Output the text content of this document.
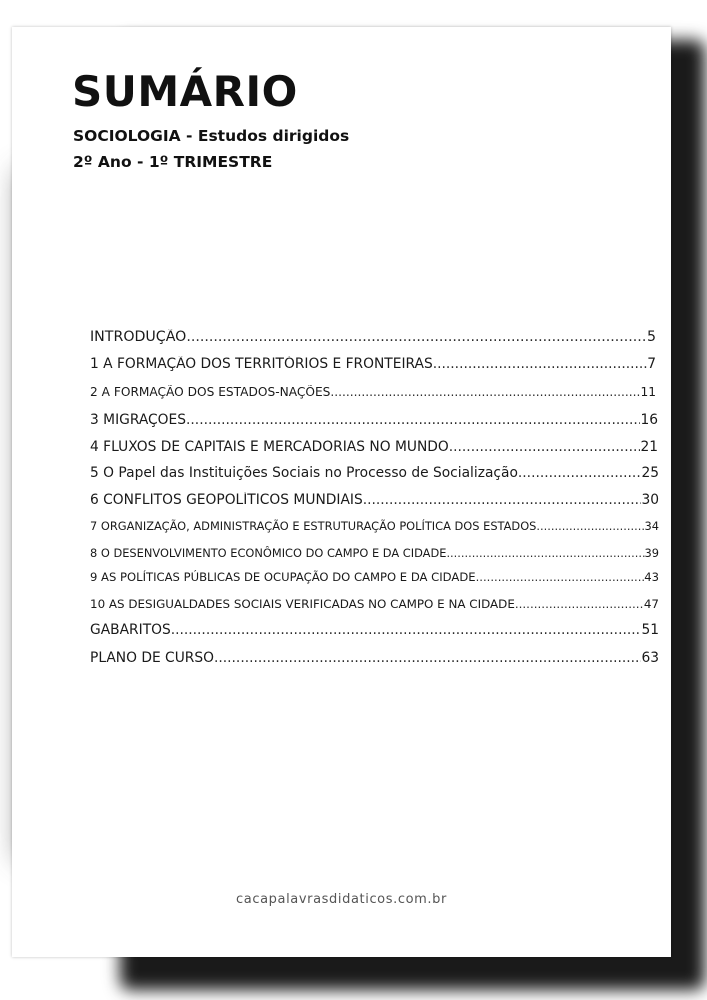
SUMÁRIO
SOCIOLOGIA - Estudos dirigidos
2º Ano - 1º TRIMESTRE
INTRODUÇÃO .....	5
1 A FORMAÇÃO DOS TERRITÓRIOS E FRONTEIRAS .....	7
2 A FORMAÇÃO DOS ESTADOS-NAÇÕES .....	11
3 MIGRAÇÕES .....	16
4 FLUXOS DE CAPITAIS E MERCADORIAS NO MUNDO .....	21
5 O Papel das Instituições Sociais no Processo de Socialização .....	25
6 CONFLITOS GEOPOLÍTICOS MUNDIAIS .....	30
7 ORGANIZAÇÃO, ADMINISTRAÇÃO E ESTRUTURAÇÃO POLÍTICA DOS ESTADOS .....	34
8 O DESENVOLVIMENTO ECONÔMICO DO CAMPO E DA CIDADE .....	39
9 AS POLÍTICAS PÚBLICAS DE OCUPAÇÃO DO CAMPO E DA CIDADE .....	43
10 AS DESIGUALDADES SOCIAIS VERIFICADAS NO CAMPO E NA CIDADE .....	47
GABARITOS .....	51
PLANO DE CURSO .....	63
cacapalavrasdidaticos.com.br
